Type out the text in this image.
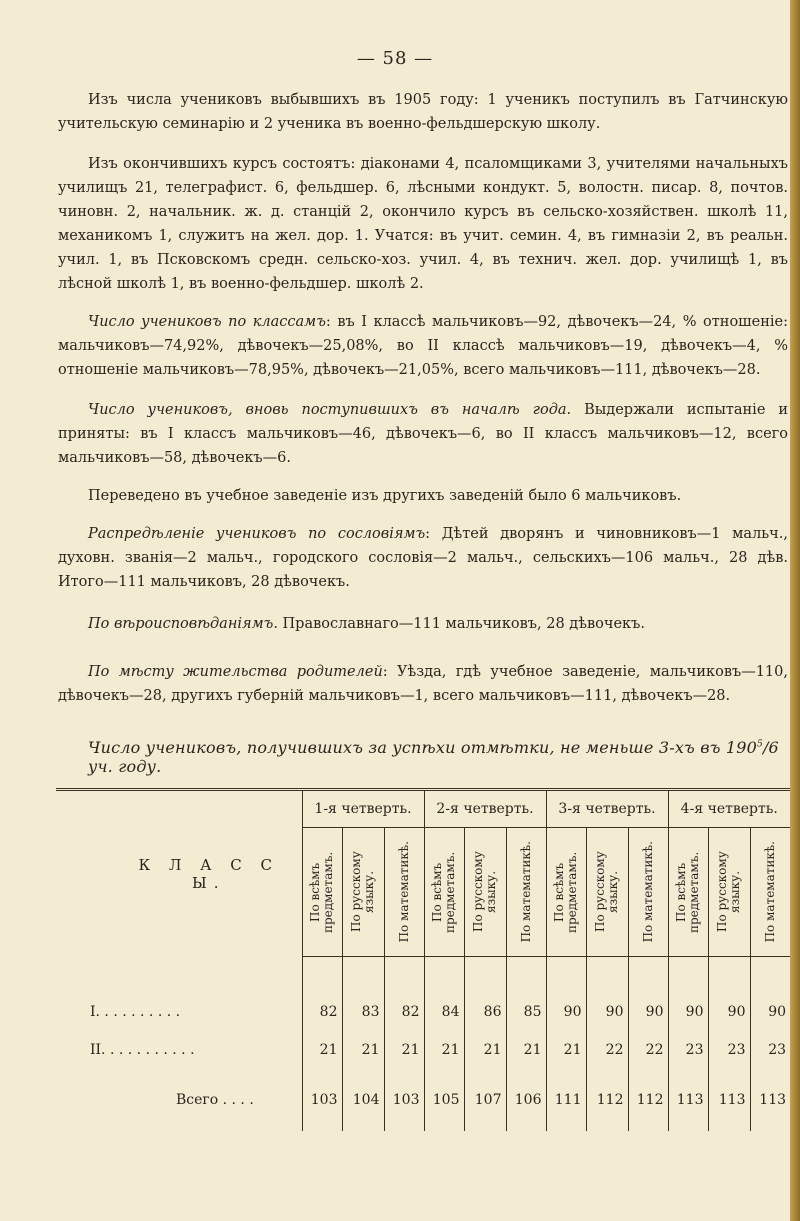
— 58 —
Изъ числа учениковъ выбывшихъ въ 1905 году: 1 ученикъ поступилъ въ Гатчинскую учительскую семинарію и 2 ученика въ военно-фельдшерскую школу.
Изъ окончившихъ курсъ состоятъ: діаконами 4, псаломщиками 3, учителями начальныхъ училищъ 21, телеграфист. 6, фельдшер. 6, лѣсными кондукт. 5, волостн. писар. 8, почтов. чиновн. 2, начальник. ж. д. станцій 2, окончило курсъ въ сельско-хозяйствен. школѣ 11, механикомъ 1, служитъ на жел. дор. 1. Учатся: въ учит. семин. 4, въ гимназіи 2, въ реальн. учил. 1, въ Псковскомъ средн. сельско-хоз. учил. 4, въ технич. жел. дор. училищѣ 1, въ лѣсной школѣ 1, въ военно-фельдшер. школѣ 2.
Число учениковъ по классамъ: въ I классѣ мальчиковъ—92, дѣвочекъ—24, % отношеніе: мальчиковъ—74,92%, дѣвочекъ—25,08%, во II классѣ мальчиковъ—19, дѣвочекъ—4, % отношеніе мальчиковъ—78,95%, дѣвочекъ—21,05%, всего мальчиковъ—111, дѣвочекъ—28.
Число учениковъ, вновь поступившихъ въ началѣ года. Выдержали испытаніе и приняты: въ I классъ мальчиковъ—46, дѣвочекъ—6, во II классъ мальчиковъ—12, всего мальчиковъ—58, дѣвочекъ—6.
Переведено въ учебное заведеніе изъ другихъ заведеній было 6 мальчиковъ.
Распредѣленіе учениковъ по сословіямъ: Дѣтей дворянъ и чиновниковъ—1 мальч., духовн. званія—2 мальч., городского сословія—2 мальч., сельскихъ—106 мальч., 28 дѣв. Итого—111 мальчиковъ, 28 дѣвочекъ.
По вѣроисповѣданіямъ. Православнаго—111 мальчиковъ, 28 дѣвочекъ.
По мѣсту жительства родителей: Уѣзда, гдѣ учебное заведеніе, мальчиковъ—110, дѣвочекъ—28, другихъ губерній мальчиковъ—1, всего мальчиковъ—111, дѣвочекъ—28.
Число учениковъ, получившихъ за успѣхи отмѣтки, не меньше 3-хъ въ $190^5/6$ уч. году.
К Л А С С Ы.	1-я четверть.			2-я четверть.			3-я четверть.			4-я четверть.		

	По всѣмъ предметамъ.	По русскому языку.	По математикѣ.	По всѣмъ предметамъ.	По русскому языку.	По математикѣ.	По всѣмъ предметамъ.	По русскому языку.	По математикѣ.	По всѣмъ предметамъ.	По русскому языку.	По математикѣ.

I. . . . . . . . . .	82	83	82	84	86	85	90	90	90	90	90	90
II. . . . . . . . . . .	21	21	21	21	21	21	21	22	22	23	23	23
Всего . . . .	103	104	103	105	107	106	111	112	112	113	113	113
